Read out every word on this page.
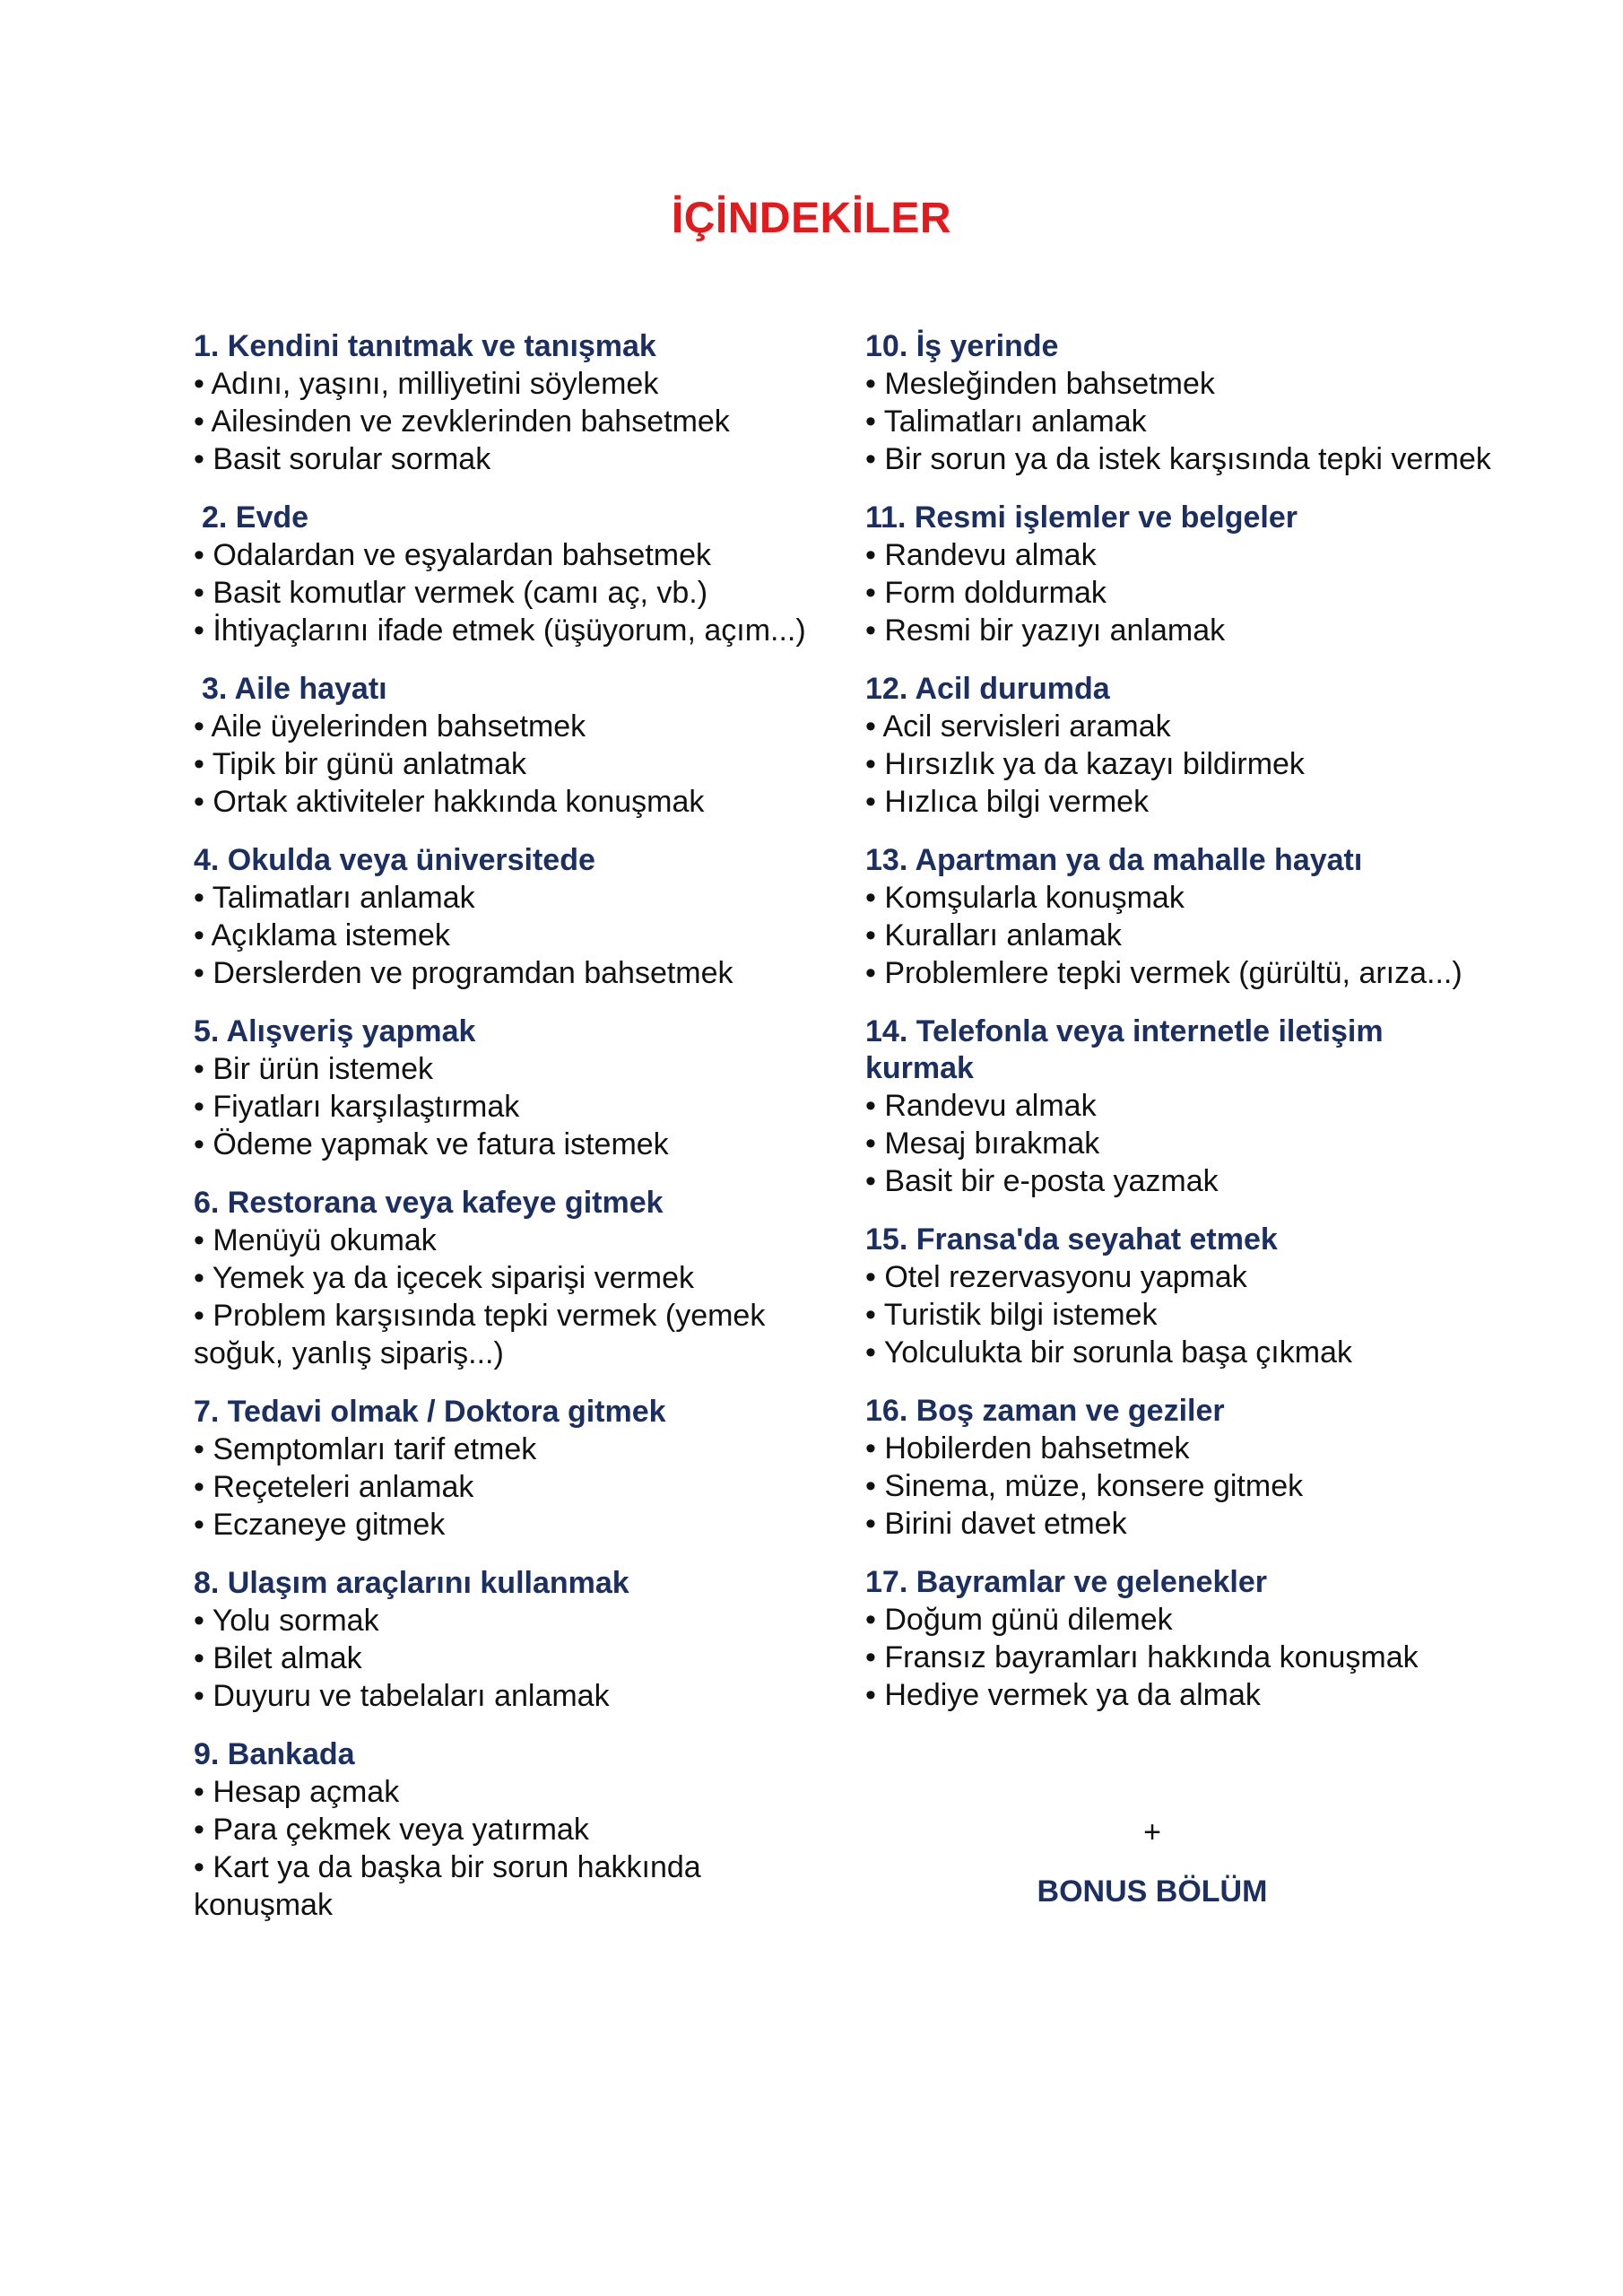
İÇİNDEKİLER
1. Kendini tanıtmak ve tanışmak
• Adını, yaşını, milliyetini söylemek
• Ailesinden ve zevklerinden bahsetmek
• Basit sorular sormak
2. Evde
• Odalardan ve eşyalardan bahsetmek
• Basit komutlar vermek (camı aç, vb.)
• İhtiyaçlarını ifade etmek (üşüyorum, açım...)
3. Aile hayatı
• Aile üyelerinden bahsetmek
• Tipik bir günü anlatmak
• Ortak aktiviteler hakkında konuşmak
4. Okulda veya üniversitede
• Talimatları anlamak
• Açıklama istemek
• Derslerden ve programdan bahsetmek
5. Alışveriş yapmak
• Bir ürün istemek
• Fiyatları karşılaştırmak
• Ödeme yapmak ve fatura istemek
6. Restorana veya kafeye gitmek
• Menüyü okumak
• Yemek ya da içecek siparişi vermek
• Problem karşısında tepki vermek (yemek soğuk, yanlış sipariş...)
7. Tedavi olmak / Doktora gitmek
• Semptomları tarif etmek
• Reçeteleri anlamak
• Eczaneye gitmek
8. Ulaşım araçlarını kullanmak
• Yolu sormak
• Bilet almak
• Duyuru ve tabelaları anlamak
9. Bankada
• Hesap açmak
• Para çekmek veya yatırmak
• Kart ya da başka bir sorun hakkında konuşmak
10. İş yerinde
• Mesleğinden bahsetmek
• Talimatları anlamak
• Bir sorun ya da istek karşısında tepki vermek
11. Resmi işlemler ve belgeler
• Randevu almak
• Form doldurmak
• Resmi bir yazıyı anlamak
12. Acil durumda
• Acil servisleri aramak
• Hırsızlık ya da kazayı bildirmek
• Hızlıca bilgi vermek
13. Apartman ya da mahalle hayatı
• Komşularla konuşmak
• Kuralları anlamak
• Problemlere tepki vermek (gürültü, arıza...)
14. Telefonla veya internetle iletişim kurmak
• Randevu almak
• Mesaj bırakmak
• Basit bir e-posta yazmak
15. Fransa'da seyahat etmek
• Otel rezervasyonu yapmak
• Turistik bilgi istemek
• Yolculukta bir sorunla başa çıkmak
16. Boş zaman ve geziler
• Hobilerden bahsetmek
• Sinema, müze, konsere gitmek
• Birini davet etmek
17. Bayramlar ve gelenekler
• Doğum günü dilemek
• Fransız bayramları hakkında konuşmak
• Hediye vermek ya da almak
+
BONUS BÖLÜM
